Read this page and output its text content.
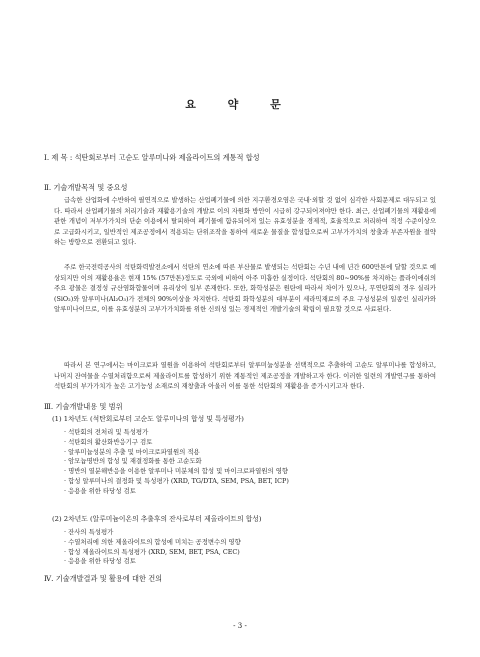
요 약 문
Ⅰ. 제 목 : 석탄회로부터 고순도 알루미나와 제올라이트의 계통적 합성
Ⅱ. 기술개발목적 및 중요성
급속한 산업화에 수반하여 필연적으로 발생하는 산업폐기물에 의한 지구환경오염은 국내·외할 것 없이 심각한 사회문제로 대두되고 있다. 따라서 산업폐기물의 처리기술과 재활용기술의 개발로 이의 자원화 방안이 시급히 강구되어져야만 한다. 최근, 산업폐기물의 재활용에 관한 개념이 저부가가치의 단순 이용에서 탈피하여 폐기물에 함유되어져 있는 유효성분을 경제적, 효율적으로 처리하여 적정 수준이상으로 고급화시키고, 일반적인 제조공정에서 적용되는 단위조작을 통하여 새로운 물질을 합성함으로써 고부가가치의 창출과 부존자원을 절약하는 방향으로 전환되고 있다.
주로 한국전력공사의 석탄화력발전소에서 석탄의 연소에 따른 부산물로 발생되는 석탄회는 수년 내에 년간 600만톤에 달할 것으로 예상되지만 이의 재활용율은 현재 15% (57만톤)정도로 국외에 비하여 아주 미흡한 실정이다. 석탄회의 80~90%를 차지하는 플라이애쉬의 주요 광물은 결정성 규산염화합물이며 유리상이 일부 존재한다. 또한, 화학성분은 원탄에 따라서 차이가 있으나, 무연탄회의 경우 실리카(SiO₂)와 알루미나(Al₂O₃)가 전체의 90%이상을 차지한다. 석탄회 화학성분의 대부분이 세라믹재료의 주요 구성성분의 일종인 실리카와 알루미나이므로, 이를 유효성분의 고부가가치화를 위한 신뢰성 있는 경제적인 개발기술의 확립이 필요할 것으로 사료된다.
따라서 본 연구에서는 마이크로파 열원을 이용하여 석탄회로부터 알루미늄성분을 선택적으로 추출하여 고순도 알루미나를 합성하고, 나머지 잔여물을 수열처리함으로써 제올라이트를 합성하기 위한 계통적인 제조공정을 개발하고자 한다. 이러한 일련의 개발연구를 통하여 석탄회의 부가가치가 높은 고기능성 소재로의 재창출과 아울러 이를 통한 석탄회의 재활용을 증가시키고자 한다.
Ⅲ. 기술개발내용 및 범위
(1) 1차년도 (석탄회로부터 고순도 알루미나의 합성 및 특성평가)
· 석탄회의 전처리 및 특성평가
· 석탄회의 활산화반응기구 검토
· 알루미늄성분의 추출 및 마이크로파열원의 적용
· 암모늄명반의 합성 및 재결정화를 통한 고순도화
· 명반의 열분해반응을 이용한 알루미나 미분체의 합성 및 마이크로파열원의 영향
· 합성 알루미나의 결정화 및 특성평가 (XRD, TG/DTA, SEM, PSA, BET, ICP)
· 응용을 위한 타당성 검토
(2) 2차년도 (알루미늄이온의 추출후의 잔사로부터 제올라이트의 합성)
· 잔사의 특성평가
· 수열처리에 의한 제올라이트의 합성에 미치는 공정변수의 영향
· 합성 제올라이트의 특성평가 (XRD, SEM, BET, PSA, CEC)
· 응용을 위한 타당성 검토
Ⅳ. 기술개발결과 및 활용에 대한 건의
- 3 -
